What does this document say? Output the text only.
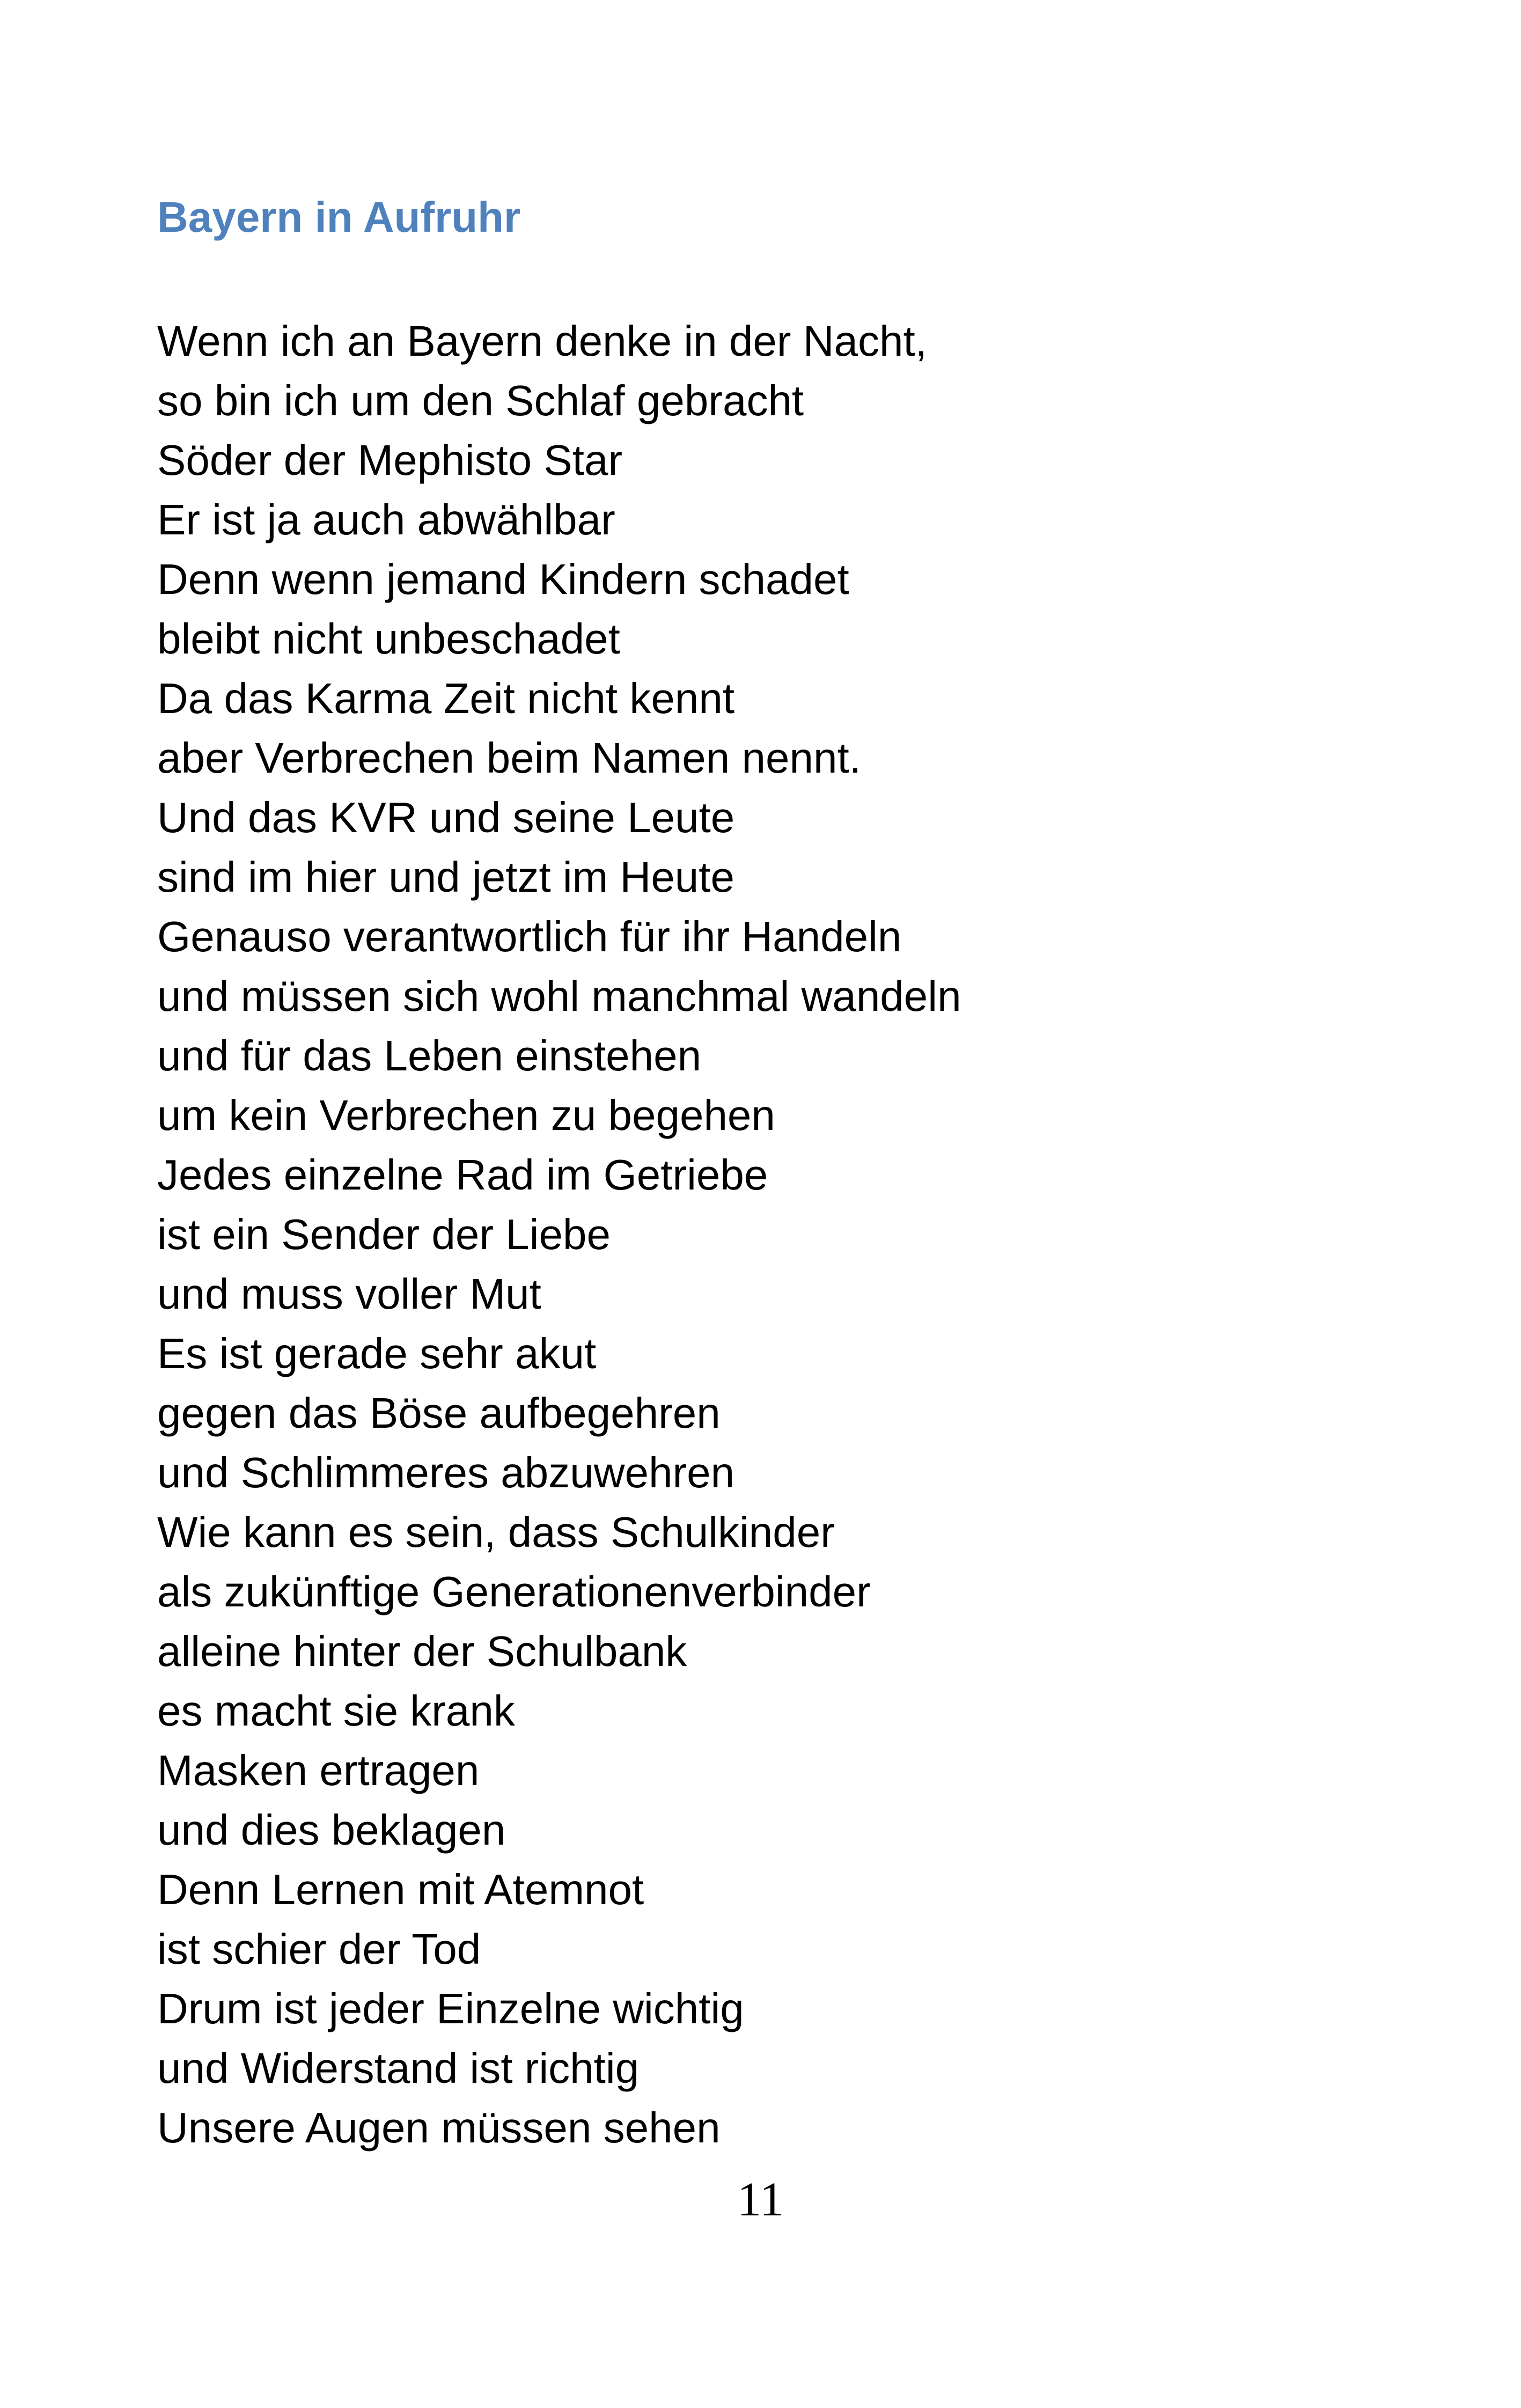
Bayern in Aufruhr
Wenn ich an Bayern denke in der Nacht,
so bin ich um den Schlaf gebracht
Söder der Mephisto Star
Er ist ja auch abwählbar
Denn wenn jemand Kindern schadet
bleibt nicht unbeschadet
Da das Karma Zeit nicht kennt
aber Verbrechen beim Namen nennt.
Und das KVR und seine Leute
sind im hier und jetzt im Heute
Genauso verantwortlich für ihr Handeln
und müssen sich wohl manchmal wandeln
und für das Leben einstehen
um kein Verbrechen zu begehen
Jedes einzelne Rad im Getriebe
ist ein Sender der Liebe
und muss voller Mut
Es ist gerade sehr akut
gegen das Böse aufbegehren
und Schlimmeres abzuwehren
Wie kann es sein, dass Schulkinder
als zukünftige Generationenverbinder
alleine hinter der Schulbank
es macht sie krank
Masken ertragen
und dies beklagen
Denn Lernen mit Atemnot
ist schier der Tod
Drum ist jeder Einzelne wichtig
und Widerstand ist richtig
Unsere Augen müssen sehen
11
